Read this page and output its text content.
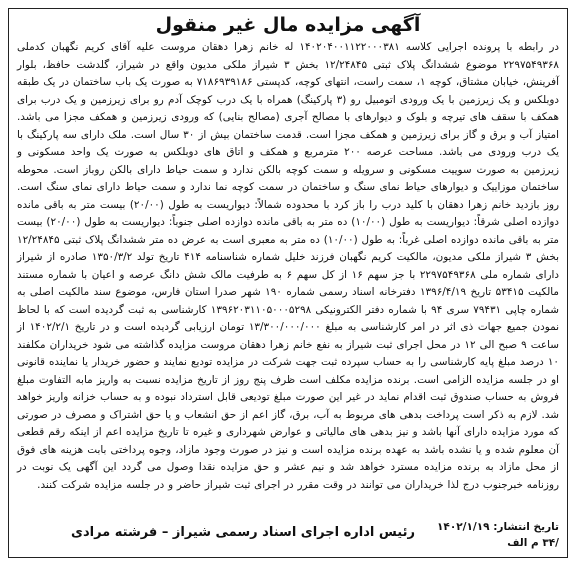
آگهی مزایده مال غیر منقول
در رابطه با پرونده اجرایی کلاسه ۱۴۰۲۰۴۰۰۱۱۲۲۰۰۰۳۸۱ له خانم زهرا دهقان مروست علیه آقای کریم نگهبان کدملی ۲۲۹۷۵۴۹۳۶۸ موضوع ششدانگ پلاک ثبتی ۱۲/۲۴۸۴۵ بخش ۳ شیراز ملکی مدیون واقع در شیراز، گلدشت حافظ، بلوار آفرینش، خیابان مشتاق، کوچه ۱، سمت راست، انتهای کوچه، کدپستی ۷۱۸۶۹۳۹۱۸۶ به صورت یک باب ساختمان در یک طبقه دوبلکس و یک زیرزمین با یک ورودی اتومبیل رو (۳ پارکینگ) همراه با یک درب کوچک آدم رو برای زیرزمین و یک درب برای همکف با سقف های تیرچه و بلوک و دیوارهای با مصالح آجری (مصالح بنایی) که ورودی زیرزمین و همکف مجزا می باشد. امتیاز آب و برق و گاز برای زیرزمین و همکف مجزا است. قدمت ساختمان بیش از ۳۰ سال است. ملک دارای سه پارکینگ با یک درب ورودی می باشد. مساحت عرصه ۲۰۰ مترمربع و همکف و اتاق های دوبلکس به صورت یک واحد مسکونی و زیرزمین به صورت سوییت مسکونی و سرویله و سمت کوچه بالکن ندارد و سمت حیاط دارای بالکن روباز است. محوطه ساختمان موزاییک و دیوارهای حیاط نمای سنگ و ساختمان در سمت کوچه نما ندارد و سمت حیاط دارای نمای سنگ است. روز بازدید خانم زهرا دهقان با کلید درب را باز کرد با محدوده شمالاً: دیواریست به طول (۲۰/۰۰) بیست متر به باقی مانده دوازده اصلی شرقاً: دیواریست به طول (۱۰/۰۰) ده متر به باقی مانده دوازده اصلی جنوباً: دیواریست به طول (۲۰/۰۰) بیست متر به باقی مانده دوازده اصلی غرباً: به طول (۱۰/۰۰) ده متر به معبری است به عرض ده متر ششدانگ پلاک ثبتی ۱۲/۲۴۸۴۵ بخش ۳ شیراز ملکی مدیون، مالکیت کریم نگهبان فرزند خلیل شماره شناسنامه ۴۱۴ تاریخ تولد ۱۳۵۰/۳/۲ صادره از شیراز دارای شماره ملی ۲۲۹۷۵۴۹۳۶۸ با جز سهم ۱۶ از کل سهم ۶ به طرفیت مالک شش دانگ عرصه و اعیان با شماره مستند مالکیت ۵۳۴۱۵ تاریخ ۱۳۹۶/۴/۱۹ دفترخانه اسناد رسمی شماره ۱۹۰ شهر صدرا استان فارس، موضوع سند مالکیت اصلی به شماره چاپی ۷۹۴۳۱ سری ۹۴ با شماره دفتر الکترونیکی ۱۳۹۶۲۰۳۱۱۰۵۰۰۰۵۲۹۸ کارشناسی به ثبت گردیده است که با لحاظ نمودن جمیع جهات ذی اثر در امر کارشناسی به مبلغ ۱۳/۳۰۰/۰۰۰/۰۰۰ تومان ارزیابی گردیده است و در تاریخ ۱۴۰۲/۲/۱ از ساعت ۹ صبح الی ۱۲ در محل اجرای ثبت شیراز به نفع خانم زهرا دهقان مروست مزایده گذاشته می شود خریداران مکلفند ۱۰ درصد مبلغ پایه کارشناسی را به حساب سپرده ثبت جهت شرکت در مزایده تودیع نمایند و حضور خریدار یا نماینده قانونی او در جلسه مزایده الزامی است. برنده مزایده مکلف است ظرف پنج روز از تاریخ مزایده نسبت به واریز مابه التفاوت مبلغ فروش به حساب صندوق ثبت اقدام نماید در غیر این صورت مبلغ تودیعی قابل استرداد نبوده و به حساب خزانه واریز خواهد شد. لازم به ذکر است پرداخت بدهی های مربوط به آب، برق، گاز اعم از حق انشعاب و یا حق اشتراک و مصرف در صورتی که مورد مزایده دارای آنها باشد و نیز بدهی های مالیاتی و عوارض شهرداری و غیره تا تاریخ مزایده اعم از اینکه رقم قطعی آن معلوم شده و یا نشده باشد به عهده برنده مزایده است و نیز در صورت وجود مازاد، وجوه پرداختی بابت هزینه های فوق از محل مازاد به برنده مزایده مسترد خواهد شد و نیم عشر و حق مزایده نقدا وصول می گردد این آگهی یک نوبت در روزنامه خبرجنوب درج لذا خریداران می توانند در وقت مقرر در اجرای ثبت شیراز حاضر و در جلسه مزایده شرکت کنند.
تاریخ انتشار: ۱۴۰۲/۱/۱۹
/۳۴ م الف
رئیس اداره اجرای اسناد رسمی شیراز – فرشته مرادی
